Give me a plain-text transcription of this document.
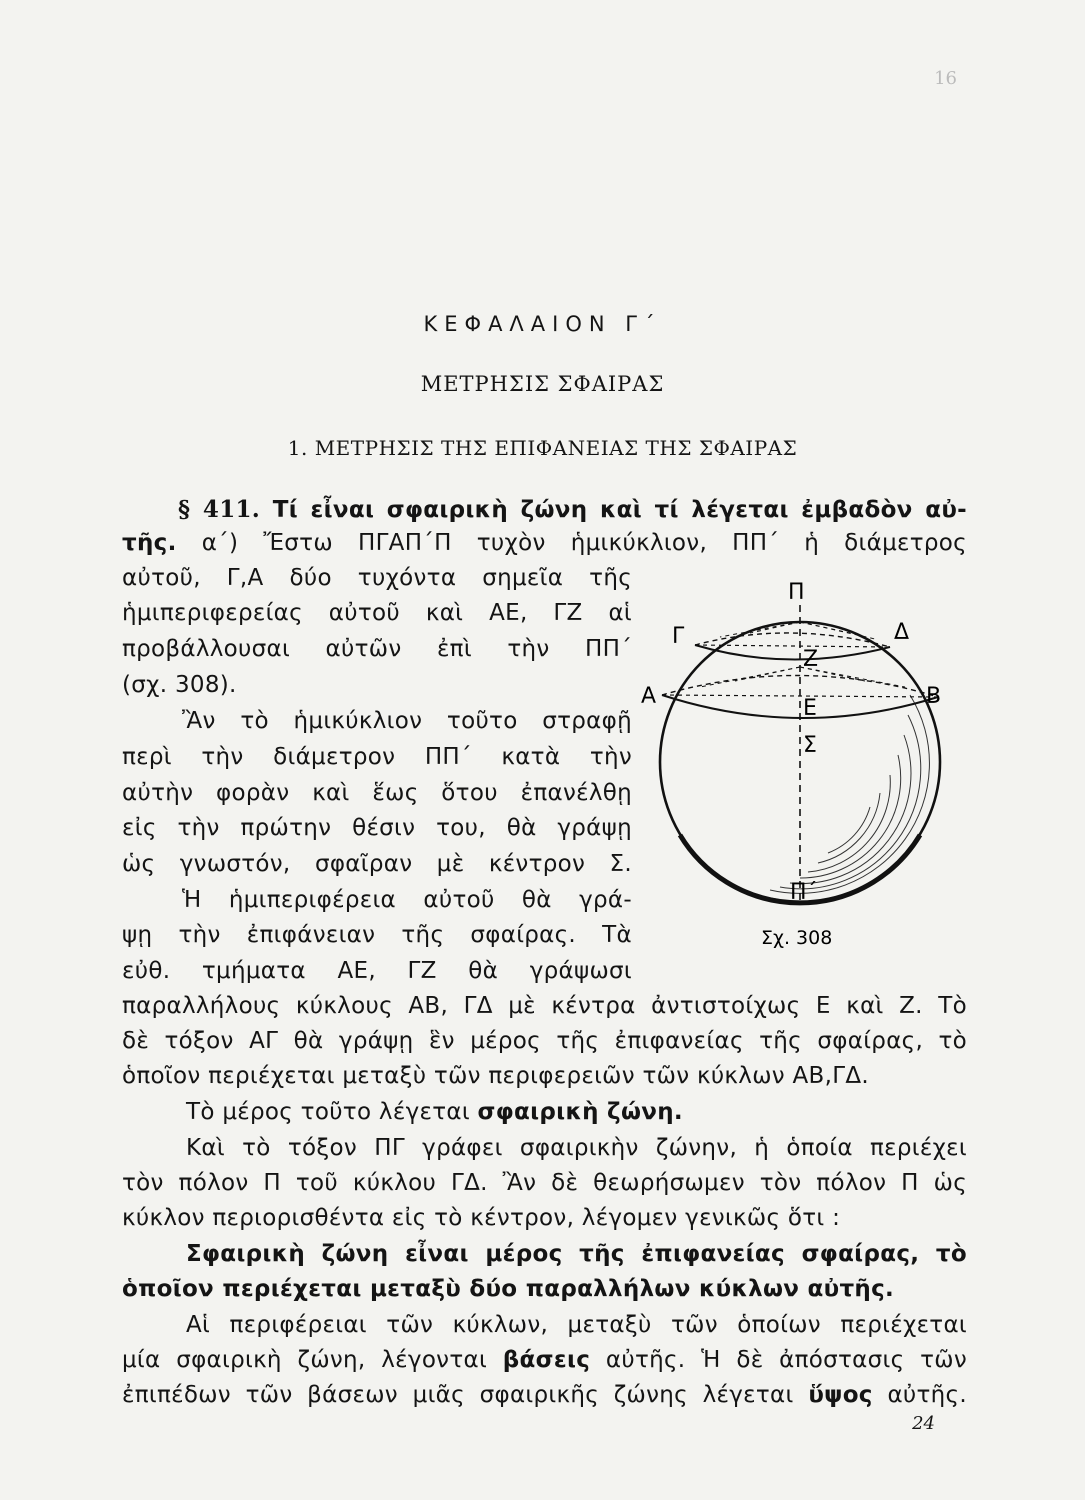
16
ΚΕΦΑΛΑΙΟΝ Γ΄
ΜΕΤΡΗΣΙΣ ΣΦΑΙΡΑΣ
1. ΜΕΤΡΗΣΙΣ ΤΗΣ ΕΠΙΦΑΝΕΙΑΣ ΤΗΣ ΣΦΑΙΡΑΣ
§ 411. Τί εἶναι σφαιρικὴ ζώνη καὶ τί λέγεται ἐμβαδὸν αὐ-
τῆς. α΄) Ἔστω ΠΓΑΠ΄Π τυχὸν ἡμικύκλιον, ΠΠ΄ ἡ διάμετρος
αὐτοῦ, Γ,Α δύο τυχόντα σημεῖα τῆς
ἡμιπεριφερείας αὐτοῦ καὶ ΑΕ, ΓΖ αἱ
προβάλλουσαι αὐτῶν ἐπὶ τὴν ΠΠ΄
(σχ. 308).
Ἂν τὸ ἡμικύκλιον τοῦτο στραφῇ
περὶ τὴν διάμετρον ΠΠ΄ κατὰ τὴν
αὐτὴν φορὰν καὶ ἕως ὅτου ἐπανέλθῃ
εἰς τὴν πρώτην θέσιν του, θὰ γράψῃ
ὡς γνωστόν, σφαῖραν μὲ κέντρον Σ.
Ἡ ἡμιπεριφέρεια αὐτοῦ θὰ γρά-
ψῃ τὴν ἐπιφάνειαν τῆς σφαίρας. Τὰ
εὐθ. τμήματα ΑΕ, ΓΖ θὰ γράψωσι
παραλλήλους κύκλους ΑΒ, ΓΔ μὲ κέντρα ἀντιστοίχως Ε καὶ Ζ. Τὸ
δὲ τόξον ΑΓ θὰ γράψῃ ἓν μέρος τῆς ἐπιφανείας τῆς σφαίρας, τὸ
ὁποῖον περιέχεται μεταξὺ τῶν περιφερειῶν τῶν κύκλων ΑΒ,ΓΔ.
Τὸ μέρος τοῦτο λέγεται σφαιρικὴ ζώνη.
Καὶ τὸ τόξον ΠΓ γράφει σφαιρικὴν ζώνην, ἡ ὁποία περιέχει
τὸν πόλον Π τοῦ κύκλου ΓΔ. Ἂν δὲ θεωρήσωμεν τὸν πόλον Π ὡς
κύκλον περιορισθέντα εἰς τὸ κέντρον, λέγομεν γενικῶς ὅτι :
Σφαιρικὴ ζώνη εἶναι μέρος τῆς ἐπιφανείας σφαίρας, τὸ
ὁποῖον περιέχεται μεταξὺ δύο παραλλήλων κύκλων αὐτῆς.
Αἱ περιφέρειαι τῶν κύκλων, μεταξὺ τῶν ὁποίων περιέχεται
μία σφαιρικὴ ζώνη, λέγονται βάσεις αὐτῆς. Ἡ δὲ ἀπόστασις τῶν
ἐπιπέδων τῶν βάσεων μιᾶς σφαιρικῆς ζώνης λέγεται ὕψος αὐτῆς.
24
Π
Γ	Δ
Ζ
Α	Β
Ε
Σ
Π΄
Σχ. 308
